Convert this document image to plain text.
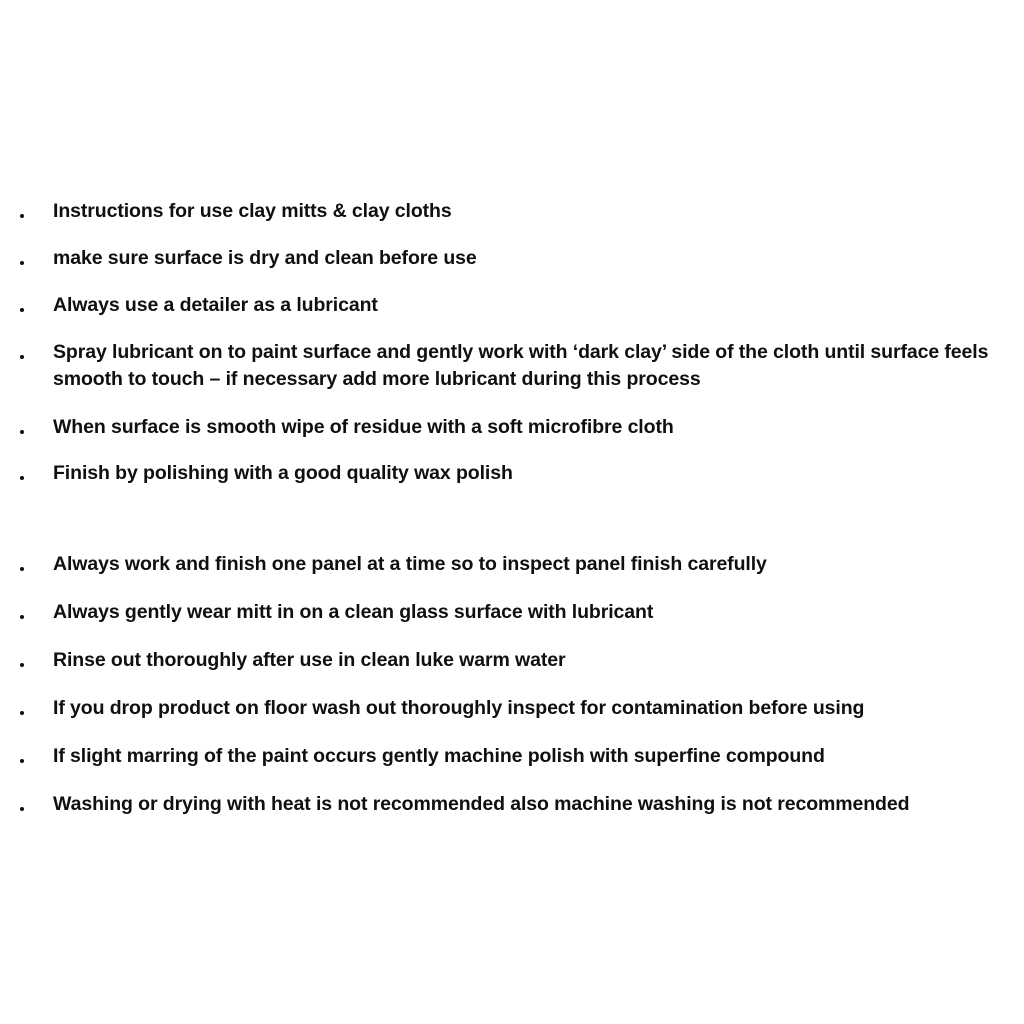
Instructions for use clay mitts & clay cloths
make sure surface is dry and clean before use
Always use a detailer as a lubricant
Spray lubricant on to paint surface and gently work with ‘dark clay’ side of the cloth until surface feels smooth to touch – if necessary add more lubricant during this process
When surface is smooth wipe of residue with a soft microfibre cloth
Finish by polishing with a good quality wax polish
Always work and finish one panel at a time so to inspect panel finish carefully
Always gently wear mitt in on a clean glass surface with lubricant
Rinse out thoroughly after use in clean luke warm water
If you drop product on floor wash out thoroughly inspect for contamination before using
If slight marring of the paint occurs gently machine polish with superfine compound
Washing or drying with heat is not recommended also machine washing is not recommended
